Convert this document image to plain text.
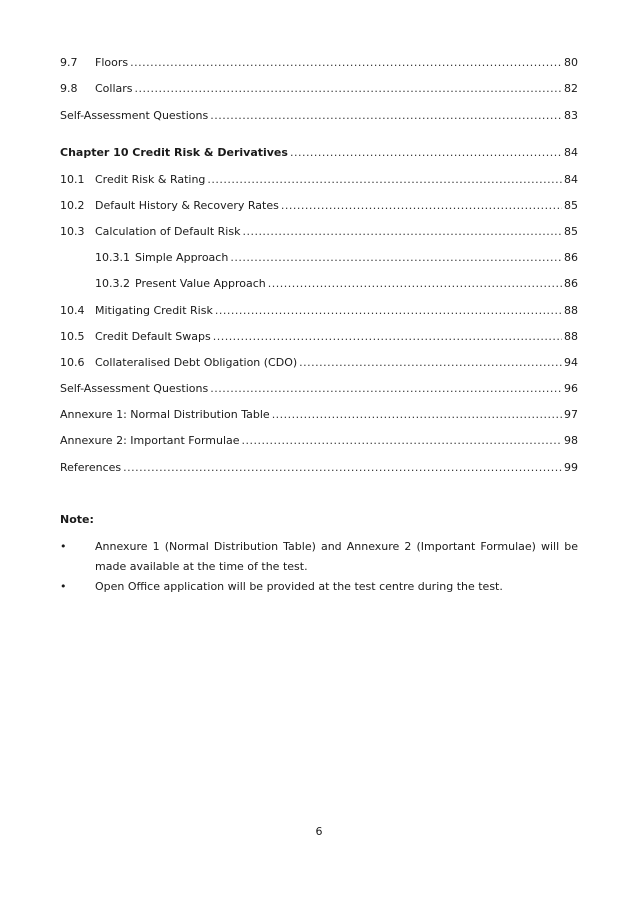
9.7	Floors .....	80
9.8	Collars .....	82
Self-Assessment Questions .....	83
Chapter 10 Credit Risk & Derivatives .....	84
10.1 Credit Risk & Rating .....	84
10.2 Default History & Recovery Rates .....	85
10.3 Calculation of Default Risk .....	85
10.3.1 Simple Approach .....	86
10.3.2 Present Value Approach .....	86
10.4 Mitigating Credit Risk .....	88
10.5 Credit Default Swaps .....	88
10.6 Collateralised Debt Obligation (CDO) .....	94
Self-Assessment Questions .....	96
Annexure 1: Normal Distribution Table .....	97
Annexure 2: Important Formulae .....	98
References .....	99
Note:
•	Annexure 1 (Normal Distribution Table) and Annexure 2 (Important Formulae) will be made available at the time of the test.
•	Open Office application will be provided at the test centre during the test.
6
